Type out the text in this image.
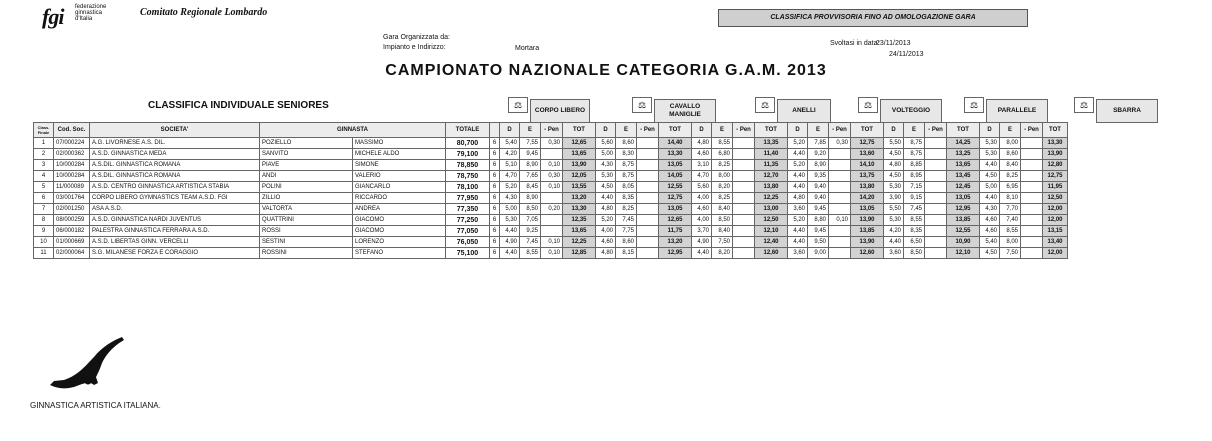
fgi federazione
ginnastica
d'Italia
Comitato Regionale Lombardo	CLASSIFICA PROVVISORIA FINO AD OMOLOGAZIONE GARA
Gara Organizzata da:
Impianto e Indirizzo:	Mortara
Svoltasi in data:
23/11/2013
24/11/2013
CAMPIONATO NAZIONALE CATEGORIA G.A.M. 2013
CLASSIFICA INDIVIDUALE SENIORES	CORPO LIBERO
⚖	CAVALLO MANIGLIE
⚖
ANELLI
⚖
VOLTEGGIO
⚖
PARALLELE
⚖
SBARRA
⚖
Class. Finale	Cod. Soc.	SOCIETA'	GINNASTA		TOTALE		D	E	- Pen	TOT	D	E	- Pen	TOT	D	E	- Pen	TOT	D	E	- Pen	TOT	D	E	- Pen	TOT	D	E	- Pen	TOT
1	07/000224	A.G. LIVORNESE A.S. DIL.	POZIELLO	MASSIMO	80,700	6	5,40	7,55	0,30	12,65	5,60	8,60		14,40	4,80	8,55		13,35	5,20	7,85	0,30	12,75	5,50	8,75		14,25	5,30	8,00		13,30
2	02/000362	A.S.D. GINNASTICA MEDA	SANVITO	MICHELE ALDO	79,100	6	4,20	9,45		13,65	5,00	8,30		13,30	4,60	6,80		11,40	4,40	9,20		13,60	4,50	8,75		13,25	5,30	8,60		13,90
3	10/000284	A.S.DIL. GINNASTICA ROMANA	PIAVE	SIMONE	78,850	6	5,10	8,90	0,10	13,90	4,30	8,75		13,05	3,10	8,25		11,35	5,20	8,90		14,10	4,80	8,85		13,65	4,40	8,40		12,80
4	10/000284	A.S.DIL. GINNASTICA ROMANA	ANDI	VALERIO	78,750	6	4,70	7,65	0,30	12,05	5,30	8,75		14,05	4,70	8,00		12,70	4,40	9,35		13,75	4,50	8,95		13,45	4,50	8,25		12,75
5	11/000089	A.S.D. CENTRO GINNASTICA ARTISTICA STABIA	POLINI	GIANCARLO	78,100	6	5,20	8,45	0,10	13,55	4,50	8,05		12,55	5,60	8,20		13,80	4,40	9,40		13,80	5,30	7,15		12,45	5,00	6,95		11,95
6	03/001764	CORPO LIBERO GYMNASTICS TEAM A.S.D. FGI	ZILLIO	RICCARDO	77,950	6	4,30	8,90		13,20	4,40	8,35		12,75	4,00	8,25		12,25	4,80	9,40		14,20	3,90	9,15		13,05	4,40	8,10		12,50
7	02/001250	ASA A.S.D.	VALTORTA	ANDREA	77,350	6	5,00	8,50	0,20	13,30	4,80	8,25		13,05	4,60	8,40		13,00	3,60	9,45		13,05	5,50	7,45		12,95	4,30	7,70		12,00
8	08/000259	A.S.D. GINNASTICA NARDI JUVENTUS	QUATTRINI	GIACOMO	77,250	6	5,30	7,05		12,35	5,20	7,45		12,65	4,00	8,50		12,50	5,20	8,80	0,10	13,90	5,30	8,55		13,85	4,60	7,40		12,00
9	06/000182	PALESTRA GINNASTICA FERRARA A.S.D.	ROSSI	GIACOMO	77,050	6	4,40	9,25		13,65	4,00	7,75		11,75	3,70	8,40		12,10	4,40	9,45		13,85	4,20	8,35		12,55	4,60	8,55		13,15
10	01/000669	A.S.D. LIBERTAS GINN. VERCELLI	SESTINI	LORENZO	76,050	6	4,90	7,45	0,10	12,25	4,60	8,60		13,20	4,90	7,50		12,40	4,40	9,50		13,90	4,40	6,50		10,90	5,40	8,00		13,40
11	02/000064	S.G. MILANESE FORZA E CORAGGIO	ROSSINI	STEFANO	75,100	6	4,40	8,55	0,10	12,85	4,80	8,15		12,95	4,40	8,20		12,60	3,60	9,00		12,60	3,60	8,50		12,10	4,50	7,50		12,00
GINNASTICA ARTISTICA ITALIANA.
